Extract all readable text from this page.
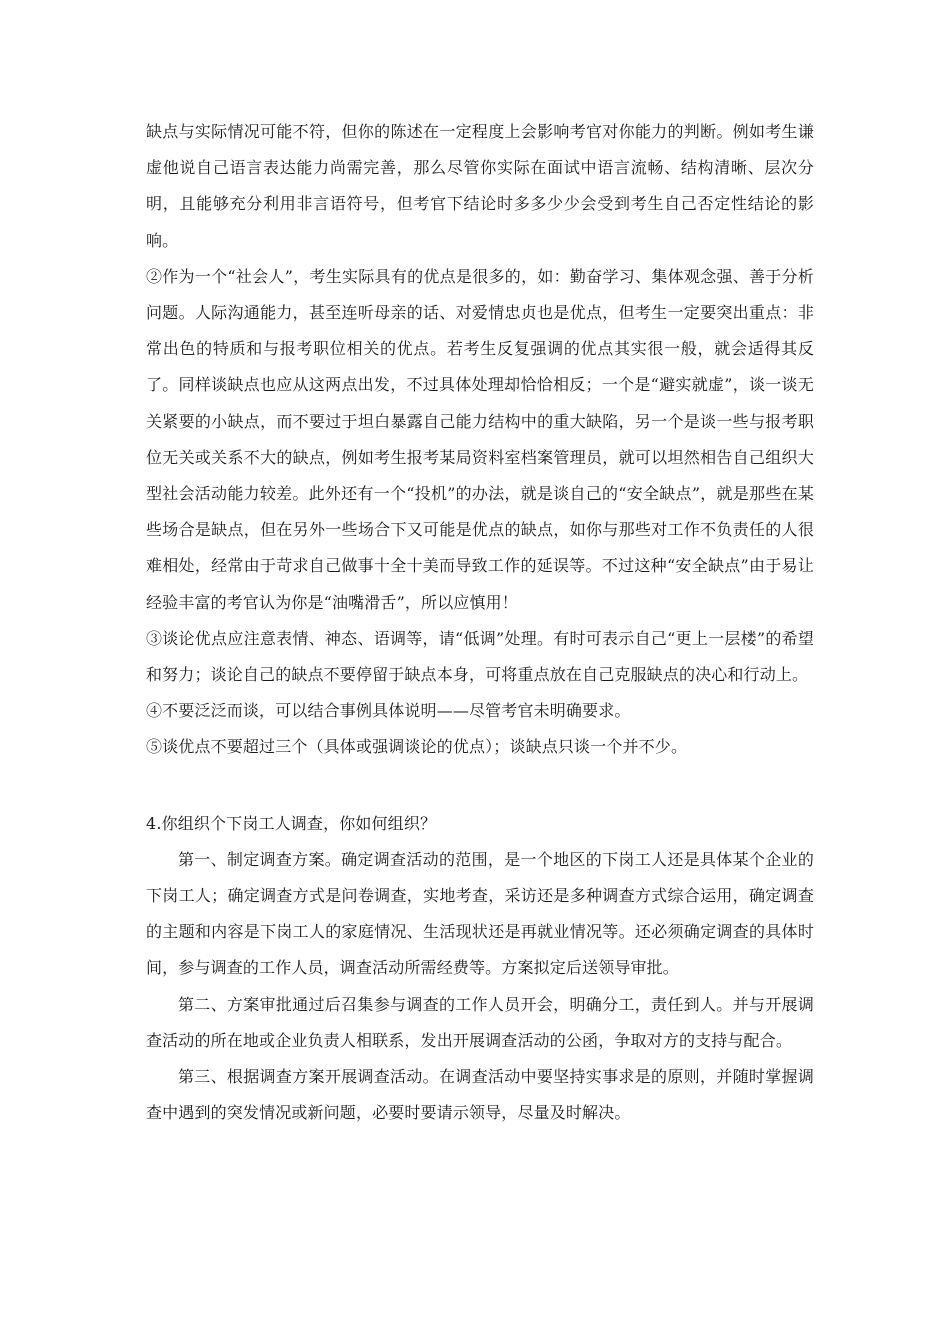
缺点与实际情况可能不符，但你的陈述在一定程度上会影响考官对你能力的判断。例如考生谦虚他说自己语言表达能力尚需完善，那么尽管你实际在面试中语言流畅、结构清晰、层次分明，且能够充分利用非言语符号，但考官下结论时多多少少会受到考生自己否定性结论的影响。

②作为一个“社会人”，考生实际具有的优点是很多的，如：勤奋学习、集体观念强、善于分析问题。人际沟通能力，甚至连听母亲的话、对爱情忠贞也是优点，但考生一定要突出重点：非常出色的特质和与报考职位相关的优点。若考生反复强调的优点其实很一般，就会适得其反了。同样谈缺点也应从这两点出发，不过具体处理却恰恰相反；一个是“避实就虚”，谈一谈无关紧要的小缺点，而不要过于坦白暴露自己能力结构中的重大缺陷，另一个是谈一些与报考职位无关或关系不大的缺点，例如考生报考某局资料室档案管理员，就可以坦然相告自己组织大型社会活动能力较差。此外还有一个“投机”的办法，就是谈自己的“安全缺点”，就是那些在某些场合是缺点，但在另外一些场合下又可能是优点的缺点，如你与那些对工作不负责任的人很难相处，经常由于苛求自己做事十全十美而导致工作的延误等。不过这种“安全缺点”由于易让经验丰富的考官认为你是“油嘴滑舌”，所以应慎用！

③谈论优点应注意表情、神态、语调等，请“低调”处理。有时可表示自己“更上一层楼”的希望和努力；谈论自己的缺点不要停留于缺点本身，可将重点放在自己克服缺点的决心和行动上。

④不要泛泛而谈，可以结合事例具体说明——尽管考官未明确要求。

⑤谈优点不要超过三个（具体或强调谈论的优点）；谈缺点只谈一个并不少。

4.你组织个下岗工人调查，你如何组织？

第一、制定调查方案。确定调查活动的范围，是一个地区的下岗工人还是具体某个企业的下岗工人；确定调查方式是问卷调查，实地考查，采访还是多种调查方式综合运用，确定调查的主题和内容是下岗工人的家庭情况、生活现状还是再就业情况等。还必须确定调查的具体时间，参与调查的工作人员，调查活动所需经费等。方案拟定后送领导审批。

第二、方案审批通过后召集参与调查的工作人员开会，明确分工，责任到人。并与开展调查活动的所在地或企业负责人相联系，发出开展调查活动的公函，争取对方的支持与配合。

第三、根据调查方案开展调查活动。在调查活动中要坚持实事求是的原则，并随时掌握调查中遇到的突发情况或新问题，必要时要请示领导，尽量及时解决。
